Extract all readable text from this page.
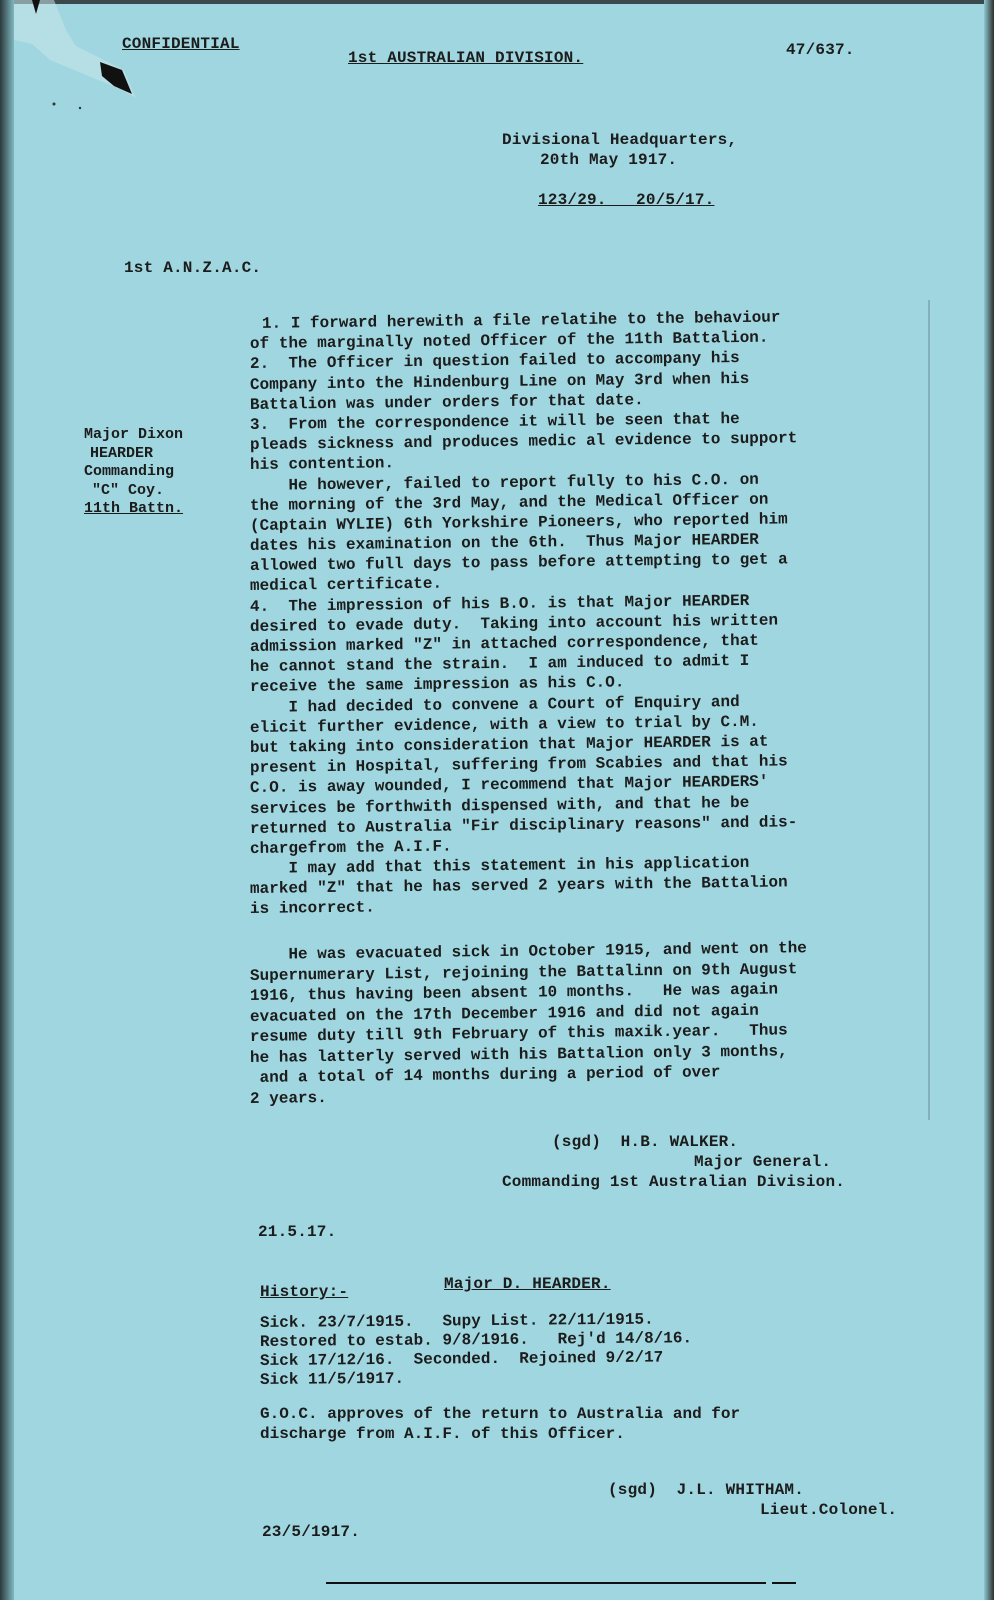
CONFIDENTIAL
1st AUSTRALIAN DIVISION.	47/637.
Divisional Headquarters,
20th May 1917.
123/29.   20/5/17.
1st A.N.Z.A.C.
Major Dixon
HEARDER
Commanding
"C" Coy.
11th Battn.
1. I forward herewith a file relatihe to the behaviour
of the marginally noted Officer of the 11th Battalion.
2.  The Officer in question failed to accompany his
Company into the Hindenburg Line on May 3rd when his
Battalion was under orders for that date.
3.  From the correspondence it will be seen that he
pleads sickness and produces medic al evidence to support
his contention.
He however, failed to report fully to his C.O. on
the morning of the 3rd May, and the Medical Officer on
(Captain WYLIE) 6th Yorkshire Pioneers, who reported him
dates his examination on the 6th.  Thus Major HEARDER
allowed two full days to pass before attempting to get a
medical certificate.
4.  The impression of his B.O. is that Major HEARDER
desired to evade duty.  Taking into account his written
admission marked "Z" in attached correspondence, that
he cannot stand the strain.  I am induced to admit I
receive the same impression as his C.O.
I had decided to convene a Court of Enquiry and
elicit further evidence, with a view to trial by C.M.
but taking into consideration that Major HEARDER is at
present in Hospital, suffering from Scabies and that his
C.O. is away wounded, I recommend that Major HEARDERS'
services be forthwith dispensed with, and that he be
returned to Australia "Fir disciplinary reasons" and dis-
chargefrom the A.I.F.
I may add that this statement in his application
marked "Z" that he has served 2 years with the Battalion
is incorrect.
He was evacuated sick in October 1915, and went on the
Supernumerary List, rejoining the Battalinn on 9th August
1916, thus having been absent 10 months.   He was again
evacuated on the 17th December 1916 and did not again
resume duty till 9th February of this maxik.year.   Thus
he has latterly served with his Battalion only 3 months,
and a total of 14 months during a period of over
2 years.
(sgd)  H.B. WALKER.
Major General.
Commanding 1st Australian Division.
21.5.17.
History:-	Major D. HEARDER.
Sick. 23/7/1915.   Supy List. 22/11/1915.
Restored to estab. 9/8/1916.   Rej'd 14/8/16.
Sick 17/12/16.  Seconded.  Rejoined 9/2/17
Sick 11/5/1917.
G.O.C. approves of the return to Australia and for
discharge from A.I.F. of this Officer.
(sgd)  J.L. WHITHAM.
Lieut.Colonel.
23/5/1917.
